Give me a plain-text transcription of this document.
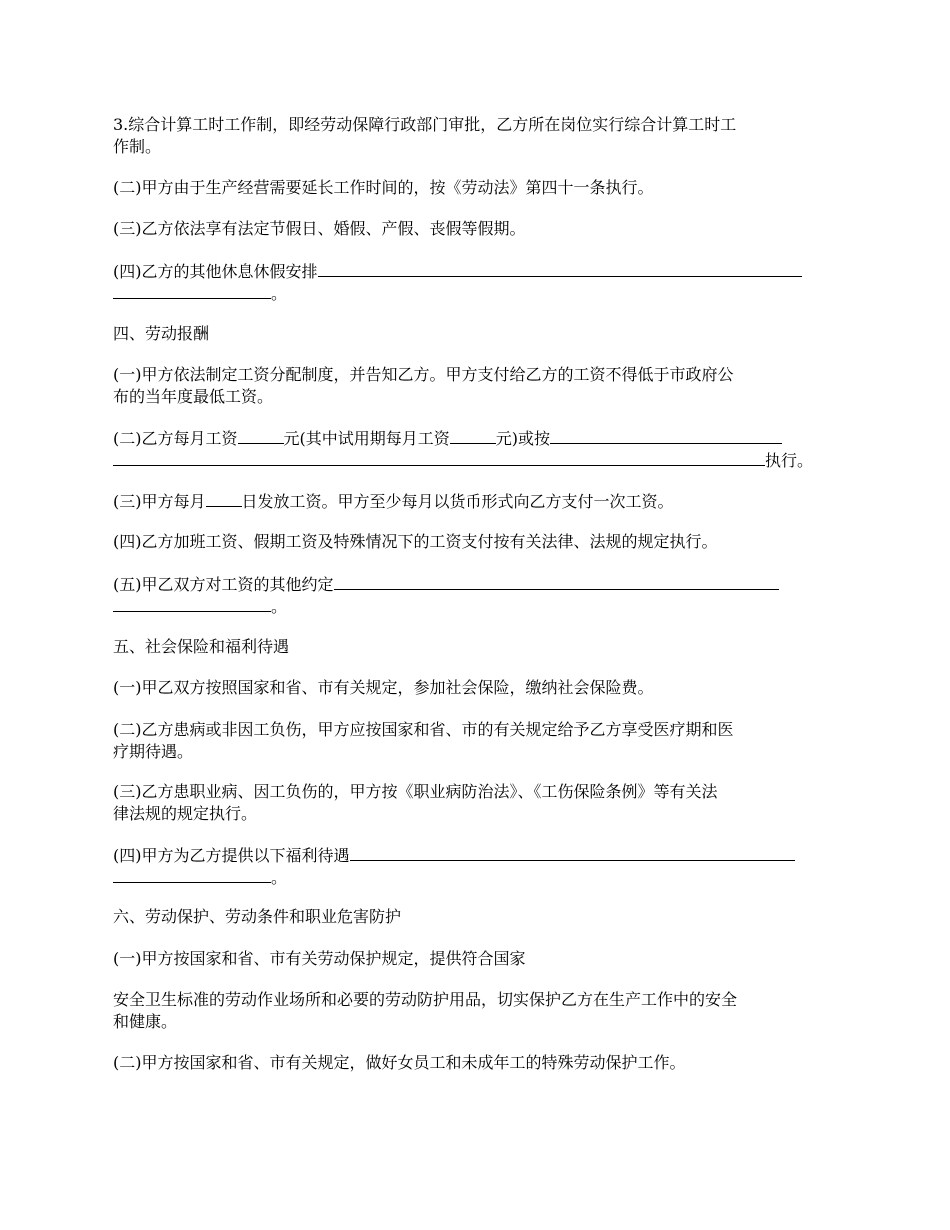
3.综合计算工时工作制，即经劳动保障行政部门审批，乙方所在岗位实行综合计算工时工
作制。
(二)甲方由于生产经营需要延长工作时间的，按《劳动法》第四十一条执行。
(三)乙方依法享有法定节假日、婚假、产假、丧假等假期。
(四)乙方的其他休息休假安排
。
四、劳动报酬
(一)甲方依法制定工资分配制度，并告知乙方。甲方支付给乙方的工资不得低于市政府公
布的当年度最低工资。
(二)乙方每月工资	元(其中试用期每月工资	元)或按
执行。
(三)甲方每月 日发放工资。甲方至少每月以货币形式向乙方支付一次工资。
(四)乙方加班工资、假期工资及特殊情况下的工资支付按有关法律、法规的规定执行。
(五)甲乙双方对工资的其他约定
。
五、社会保险和福利待遇
(一)甲乙双方按照国家和省、市有关规定，参加社会保险，缴纳社会保险费。
(二)乙方患病或非因工负伤，甲方应按国家和省、市的有关规定给予乙方享受医疗期和医
疗期待遇。
(三)乙方患职业病、因工负伤的，甲方按《职业病防治法》、《工伤保险条例》等有关法
律法规的规定执行。
(四)甲方为乙方提供以下福利待遇
。
六、劳动保护、劳动条件和职业危害防护
(一)甲方按国家和省、市有关劳动保护规定，提供符合国家
安全卫生标准的劳动作业场所和必要的劳动防护用品，切实保护乙方在生产工作中的安全
和健康。
(二)甲方按国家和省、市有关规定，做好女员工和未成年工的特殊劳动保护工作。
